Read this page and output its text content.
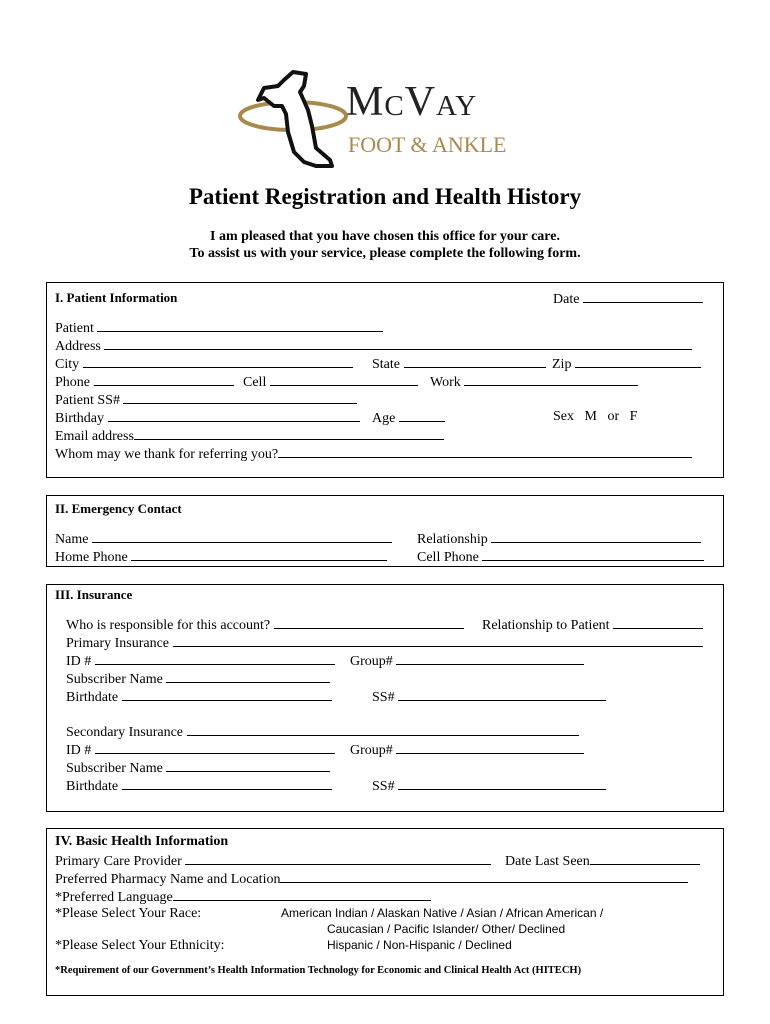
McVay
FOOT & ANKLE
Patient Registration and Health History
I am pleased that you have chosen this office for your care.
To assist us with your service, please complete the following form.
I. Patient Information	Date
Patient
Address
City	State	Zip
Phone	Cell	Work
Patient SS#
Birthday	Age	Sex M   or   F
Email address
Whom may we thank for referring you?
II. Emergency Contact
Name	Relationship
Home Phone	Cell Phone
III. Insurance
Who is responsible for this account?	Relationship to Patient
Primary Insurance
ID #	Group#
Subscriber Name
Birthdate	SS#
Secondary Insurance
ID #	Group#
Subscriber Name
Birthdate	SS#
IV. Basic Health Information
Primary Care Provider	Date Last Seen
Preferred Pharmacy Name and Location
*Preferred Language
*Please Select Your Race:	American Indian / Alaskan Native / Asian / African American /
Caucasian / Pacific Islander/ Other/ Declined
*Please Select Your Ethnicity:	Hispanic / Non-Hispanic / Declined
*Requirement of our Government’s Health Information Technology for Economic and Clinical Health Act (HITECH)
